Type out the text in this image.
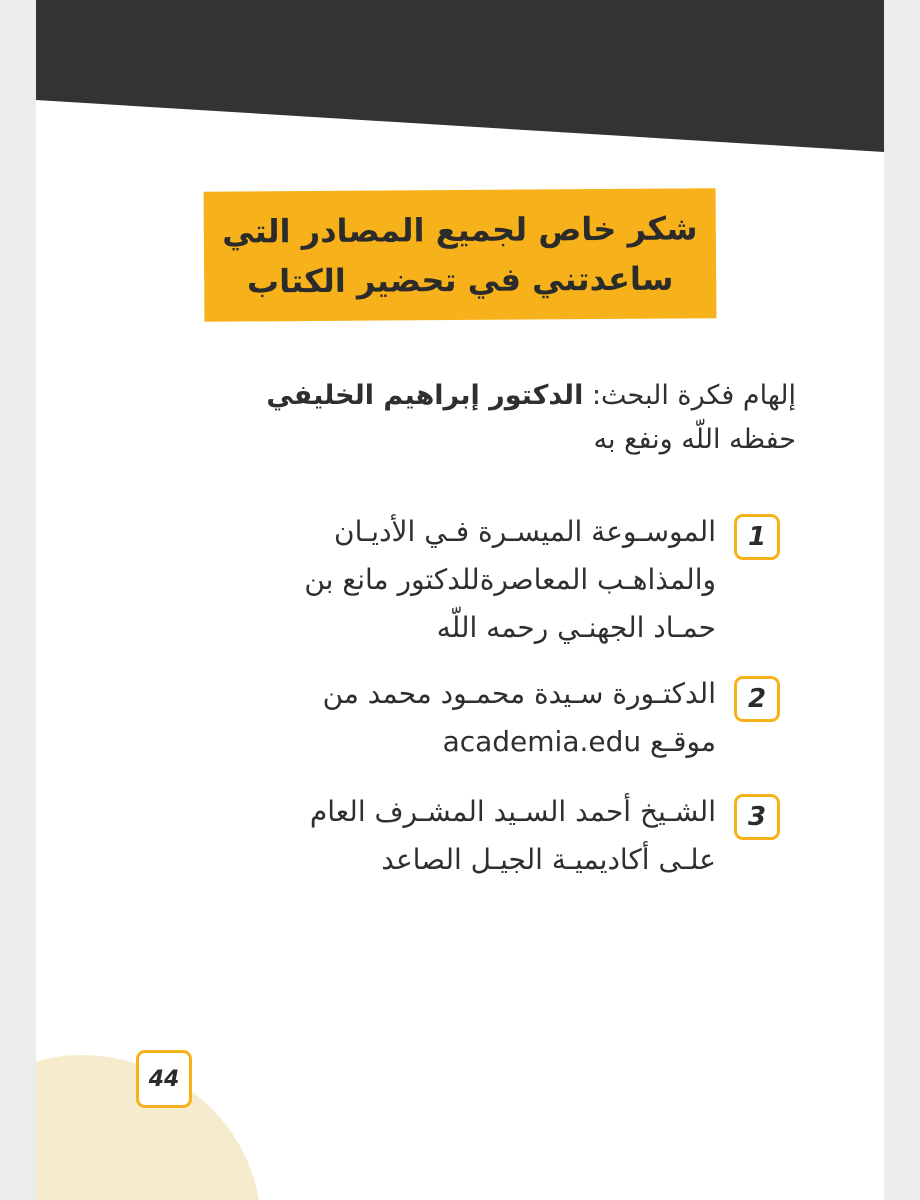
شكر خاص لجميع المصادر التي
ساعدتني في تحضير الكتاب
إلهام فكرة البحث: الدكتور إبراهيم الخليفي
حفظه اللّه ونفع به
1
الموسـوعة الميسـرة فـي الأديـان
والمذاهـب المعاصرةللدكتور مانع بن
حمـاد الجهنـي رحمه اللّه
2
الدكتـورة سـيدة محمـود محمد من
موقـع academia.edu
3
الشـيخ أحمد السـيد المشـرف العام
علـى أكاديميـة الجيـل الصاعد
44
